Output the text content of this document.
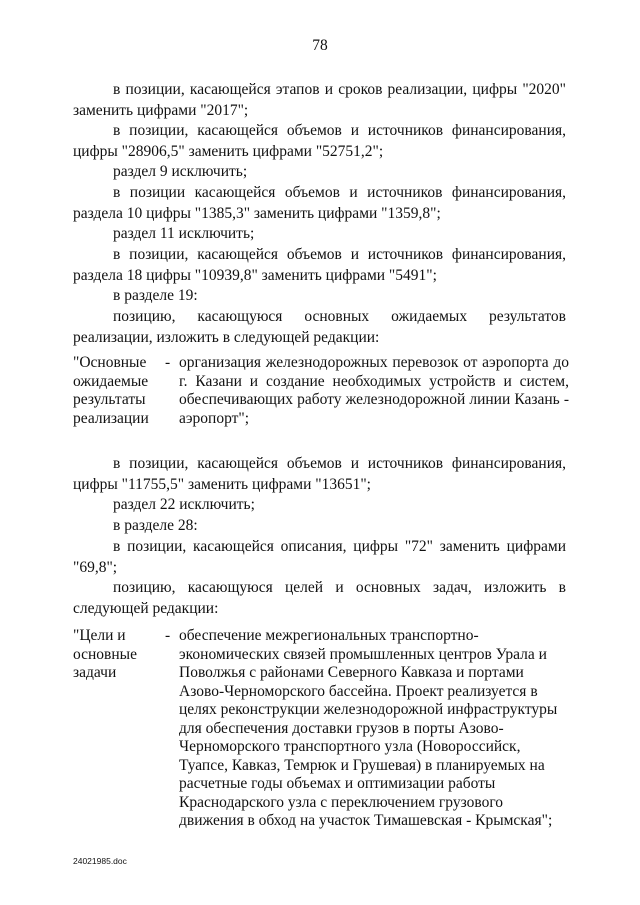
78
в позиции, касающейся этапов и сроков реализации, цифры "2020" заменить цифрами "2017";
в позиции, касающейся объемов и источников финансирования, цифры "28906,5" заменить цифрами "52751,2";
раздел 9 исключить;
в позиции касающейся объемов и источников финансирования, раздела 10 цифры "1385,3" заменить цифрами "1359,8";
раздел 11 исключить;
в позиции, касающейся объемов и источников финансирования, раздела 18 цифры "10939,8" заменить цифрами "5491";
в разделе 19:
позицию, касающуюся основных ожидаемых результатов реализации, изложить в следующей редакции:
"Основные ожидаемые результаты реализации
- организация железнодорожных перевозок от аэропорта до г. Казани и создание необходимых устройств и систем, обеспечивающих работу железнодорожной линии Казань - аэропорт";
в позиции, касающейся объемов и источников финансирования, цифры "11755,5" заменить цифрами "13651";
раздел 22 исключить;
в разделе 28:
в позиции, касающейся описания, цифры "72" заменить цифрами "69,8";
позицию, касающуюся целей и основных задач, изложить в следующей редакции:
"Цели и основные задачи
- обеспечение межрегиональных транспортно-экономических связей промышленных центров Урала и Поволжья с районами Северного Кавказа и портами Азово-Черноморского бассейна. Проект реализуется в целях реконструкции железнодорожной инфраструктуры для обеспечения доставки грузов в порты Азово-Черноморского транспортного узла (Новороссийск, Туапсе, Кавказ, Темрюк и Грушевая) в планируемых на расчетные годы объемах и оптимизации работы Краснодарского узла с переключением грузового движения в обход на участок Тимашевская - Крымская";
24021985.doc
